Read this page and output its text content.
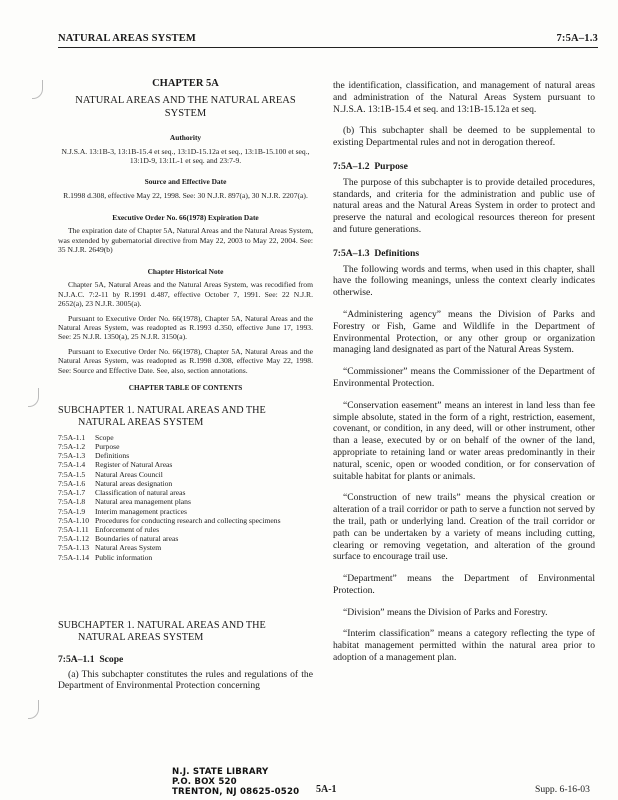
NATURAL AREAS SYSTEM	7:5A–1.3
CHAPTER 5A
NATURAL AREAS AND THE NATURAL AREAS SYSTEM
Authority
N.J.S.A. 13:1B-3, 13:1B-15.4 et seq., 13:1D-15.12a et seq., 13:1B-15.100 et seq., 13:1D-9, 13:1L-1 et seq. and 23:7-9.
Source and Effective Date
R.1998 d.308, effective May 22, 1998. See: 30 N.J.R. 897(a), 30 N.J.R. 2207(a).
Executive Order No. 66(1978) Expiration Date
The expiration date of Chapter 5A, Natural Areas and the Natural Areas System, was extended by gubernatorial directive from May 22, 2003 to May 22, 2004. See: 35 N.J.R. 2649(b)
Chapter Historical Note
Chapter 5A, Natural Areas and the Natural Areas System, was recodified from N.J.A.C. 7:2-11 by R.1991 d.487, effective October 7, 1991. See: 22 N.J.R. 2652(a), 23 N.J.R. 3005(a).
Pursuant to Executive Order No. 66(1978), Chapter 5A, Natural Areas and the Natural Areas System, was readopted as R.1993 d.350, effective June 17, 1993. See: 25 N.J.R. 1350(a), 25 N.J.R. 3150(a).
Pursuant to Executive Order No. 66(1978), Chapter 5A, Natural Areas and the Natural Areas System, was readopted as R.1998 d.308, effective May 22, 1998. See: Source and Effective Date. See, also, section annotations.
CHAPTER TABLE OF CONTENTS
SUBCHAPTER 1. NATURAL AREAS AND THE
NATURAL AREAS SYSTEM
7:5A-1.1	Scope
7:5A-1.2	Purpose
7:5A-1.3	Definitions
7:5A-1.4	Register of Natural Areas
7:5A-1.5	Natural Areas Council
7:5A-1.6	Natural areas designation
7:5A-1.7	Classification of natural areas
7:5A-1.8	Natural area management plans
7:5A-1.9	Interim management practices
7:5A-1.10	Procedures for conducting research and collecting specimens
7:5A-1.11	Enforcement of rules
7:5A-1.12	Boundaries of natural areas
7:5A-1.13	Natural Areas System
7:5A-1.14	Public information
SUBCHAPTER 1. NATURAL AREAS AND THE
NATURAL AREAS SYSTEM
7:5A–1.1 Scope

(a) This subchapter constitutes the rules and regulations of the Department of Environmental Protection concerning

the identification, classification, and management of natural areas and administration of the Natural Areas System pursuant to N.J.S.A. 13:1B-15.4 et seq. and 13:1B-15.12a et seq.

(b) This subchapter shall be deemed to be supplemental to existing Departmental rules and not in derogation thereof.

7:5A–1.2 Purpose

The purpose of this subchapter is to provide detailed procedures, standards, and criteria for the administration and public use of natural areas and the Natural Areas System in order to protect and preserve the natural and ecological resources thereon for present and future generations.

7:5A–1.3 Definitions

The following words and terms, when used in this chapter, shall have the following meanings, unless the context clearly indicates otherwise.

“Administering agency” means the Division of Parks and Forestry or Fish, Game and Wildlife in the Department of Environmental Protection, or any other group or organization managing land designated as part of the Natural Areas System.

“Commissioner” means the Commissioner of the Department of Environmental Protection.

“Conservation easement” means an interest in land less than fee simple absolute, stated in the form of a right, restriction, easement, covenant, or condition, in any deed, will or other instrument, other than a lease, executed by or on behalf of the owner of the land, appropriate to retaining land or water areas predominantly in their natural, scenic, open or wooded condition, or for conservation of suitable habitat for plants or animals.

“Construction of new trails” means the physical creation or alteration of a trail corridor or path to serve a function not served by the trail, path or underlying land. Creation of the trail corridor or path can be undertaken by a variety of means including cutting, clearing or removing vegetation, and alteration of the ground surface to encourage trail use.

“Department” means the Department of Environmental Protection.

“Division” means the Division of Parks and Forestry.

“Interim classification” means a category reflecting the type of habitat management permitted within the natural area prior to adoption of a management plan.

N.J. STATE LIBRARY
P.O. BOX 520
TRENTON, NJ 08625-0520 5A-1	Supp. 6-16-03
